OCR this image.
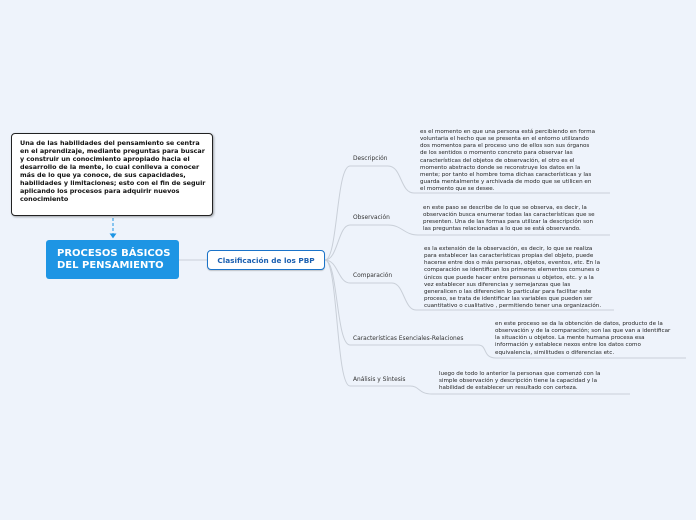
Una de las habilidades del pensamiento se centra
en el aprendizaje, mediante preguntas para buscar
y construir un conocimiento apropiado hacia el
desarrollo de la mente, lo cual conlleva a conocer
más de lo que ya conoce, de sus capacidades,
habilidades y limitaciones; esto con el fin de seguir
aplicando los procesos para adquirir nuevos
conocimiento
PROCESOS BÁSICOS
DEL PENSAMIENTO	Clasificación de los PBP
Descripción
Observación
Comparación
Características Esenciales-Relaciones
Análisis y Síntesis
es el momento en que una persona está percibiendo en forma
voluntaria el hecho que se presenta en el entorno utilizando
dos momentos para el proceso uno de ellos son sus órganos
de los sentidos o momento concreto para observar las
características del objetos de observación, el otro es el
momento abstracto donde se reconstruye los datos en la
mente; por tanto el hombre toma dichas características y las
guarda mentalmente y archivada de modo que se utilicen en
el momento que se desee.
en este paso se describe de lo que se observa, es decir, la
observación busca enumerar todas las características que se
presenten. Una de las formas para utilizar la descripción son
las preguntas relacionadas a lo que se está observando.
es la extensión de la observación, es decir, lo que se realiza
para establecer las características propias del objeto, puede
hacerse entre dos o más personas, objetos, eventos, etc. En la
comparación se identifican los primeros elementos comunes o
únicos que puede hacer entre personas u objetos, etc. y a la
vez establecer sus diferencias y semejanzas que las
generalicen o las diferencien lo particular para facilitar este
proceso, se trata de identificar las variables que pueden ser
cuantitativo o cualitativo , permitiendo tener una organización.
en este proceso se da la obtención de datos, producto de la
observación y de la comparación; son las que van a identificar
la situación u objetos. La mente humana procesa esa
información y establece nexos entre los datos como
equivalencia, similitudes o diferencias etc.
luego de todo lo anterior la personas que comenzó con la
simple observación y descripción tiene la capacidad y la
habilidad de establecer un resultado con certeza.
